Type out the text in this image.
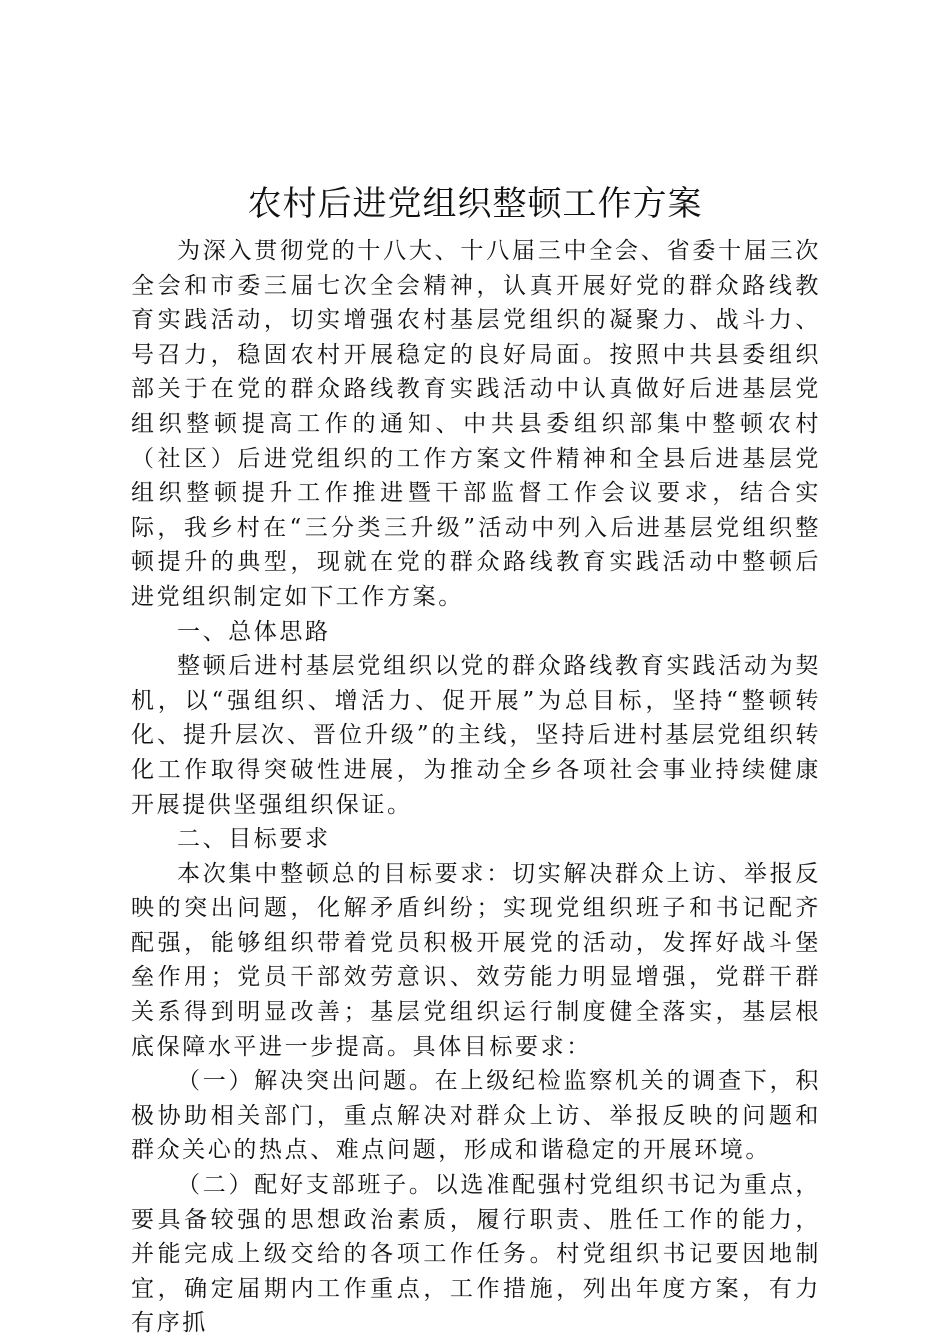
农村后进党组织整顿工作方案

为深入贯彻党的十八大、十八届三中全会、省委十届三次全会和市委三届七次全会精神，认真开展好党的群众路线教育实践活动，切实增强农村基层党组织的凝聚力、战斗力、号召力，稳固农村开展稳定的良好局面。按照中共县委组织部关于在党的群众路线教育实践活动中认真做好后进基层党组织整顿提高工作的通知、中共县委组织部集中整顿农村（社区）后进党组织的工作方案文件精神和全县后进基层党组织整顿提升工作推进暨干部监督工作会议要求，结合实际，我乡村在“三分类三升级”活动中列入后进基层党组织整顿提升的典型，现就在党的群众路线教育实践活动中整顿后进党组织制定如下工作方案。

一、总体思路

整顿后进村基层党组织以党的群众路线教育实践活动为契机，以“强组织、增活力、促开展”为总目标，坚持“整顿转化、提升层次、晋位升级”的主线，坚持后进村基层党组织转化工作取得突破性进展，为推动全乡各项社会事业持续健康开展提供坚强组织保证。

二、目标要求

本次集中整顿总的目标要求：切实解决群众上访、举报反映的突出问题，化解矛盾纠纷；实现党组织班子和书记配齐配强，能够组织带着党员积极开展党的活动，发挥好战斗堡垒作用；党员干部效劳意识、效劳能力明显增强，党群干群关系得到明显改善；基层党组织运行制度健全落实，基层根底保障水平进一步提高。具体目标要求：

（一）解决突出问题。在上级纪检监察机关的调查下，积极协助相关部门，重点解决对群众上访、举报反映的问题和群众关心的热点、难点问题，形成和谐稳定的开展环境。

（二）配好支部班子。以选准配强村党组织书记为重点，要具备较强的思想政治素质，履行职责、胜任工作的能力，并能完成上级交给的各项工作任务。村党组织书记要因地制宜，确定届期内工作重点，工作措施，列出年度方案，有力有序抓
